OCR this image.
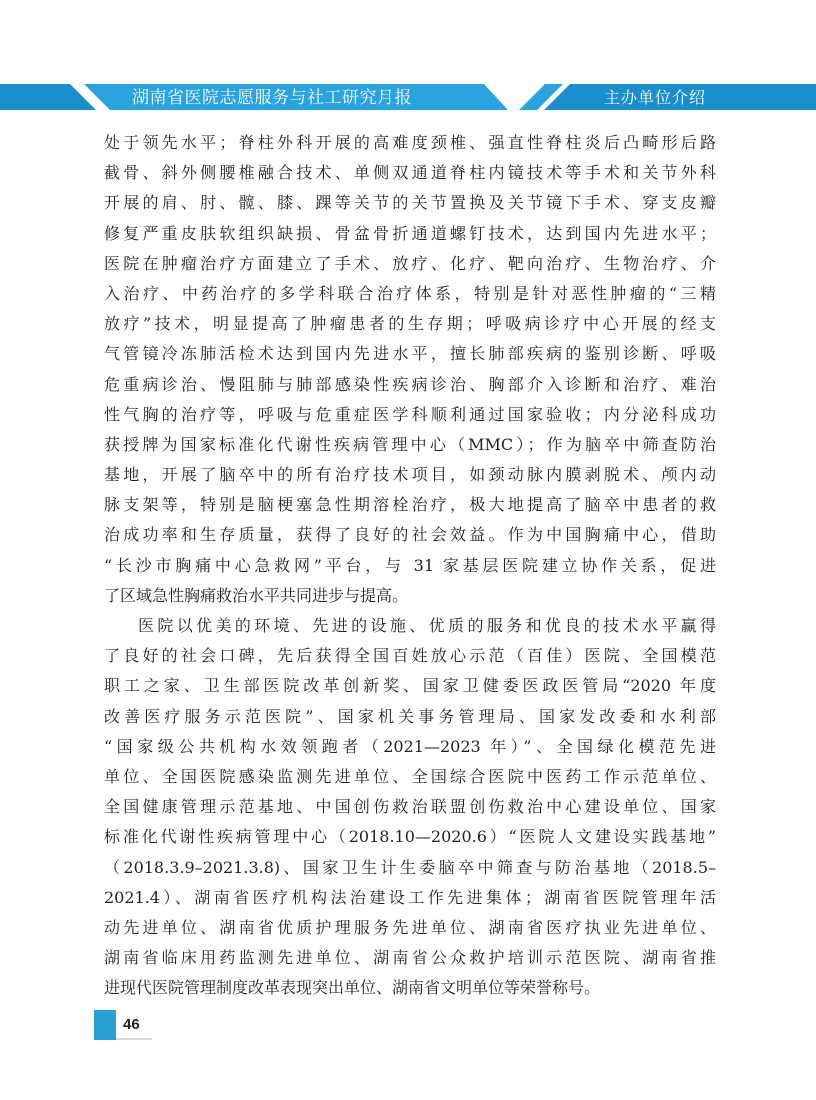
湖南省医院志愿服务与社工研究月报	主办单位介绍
处于领先水平；脊柱外科开展的高难度颈椎、强直性脊柱炎后凸畸形后路
截骨、斜外侧腰椎融合技术、单侧双通道脊柱内镜技术等手术和关节外科
开展的肩、肘、髋、膝、踝等关节的关节置换及关节镜下手术、穿支皮瓣
修复严重皮肤软组织缺损、骨盆骨折通道螺钉技术，达到国内先进水平；
医院在肿瘤治疗方面建立了手术、放疗、化疗、靶向治疗、生物治疗、介
入治疗、中药治疗的多学科联合治疗体系，特别是针对恶性肿瘤的“三精
放疗”技术，明显提高了肿瘤患者的生存期；呼吸病诊疗中心开展的经支
气管镜冷冻肺活检术达到国内先进水平，擅长肺部疾病的鉴别诊断、呼吸
危重病诊治、慢阻肺与肺部感染性疾病诊治、胸部介入诊断和治疗、难治
性气胸的治疗等，呼吸与危重症医学科顺利通过国家验收；内分泌科成功
获授牌为国家标准化代谢性疾病管理中心（MMC）；作为脑卒中筛查防治
基地，开展了脑卒中的所有治疗技术项目，如颈动脉内膜剥脱术、颅内动
脉支架等，特别是脑梗塞急性期溶栓治疗，极大地提高了脑卒中患者的救
治成功率和生存质量，获得了良好的社会效益。作为中国胸痛中心，借助
“长沙市胸痛中心急救网”平台，与 31 家基层医院建立协作关系，促进
了区域急性胸痛救治水平共同进步与提高。
医院以优美的环境、先进的设施、优质的服务和优良的技术水平赢得
了良好的社会口碑，先后获得全国百姓放心示范（百佳）医院、全国模范
职工之家、卫生部医院改革创新奖、国家卫健委医政医管局“2020 年度
改善医疗服务示范医院”、国家机关事务管理局、国家发改委和水利部
“国家级公共机构水效领跑者（2021—2023 年）”、全国绿化模范先进
单位、全国医院感染监测先进单位、全国综合医院中医药工作示范单位、
全国健康管理示范基地、中国创伤救治联盟创伤救治中心建设单位、国家
标准化代谢性疾病管理中心（2018.10—2020.6）“医院人文建设实践基地”
（2018.3.9–2021.3.8)、国家卫生计生委脑卒中筛查与防治基地（2018.5–
2021.4）、湖南省医疗机构法治建设工作先进集体；湖南省医院管理年活
动先进单位、湖南省优质护理服务先进单位、湖南省医疗执业先进单位、
湖南省临床用药监测先进单位、湖南省公众救护培训示范医院、湖南省推
进现代医院管理制度改革表现突出单位、湖南省文明单位等荣誉称号。
46
